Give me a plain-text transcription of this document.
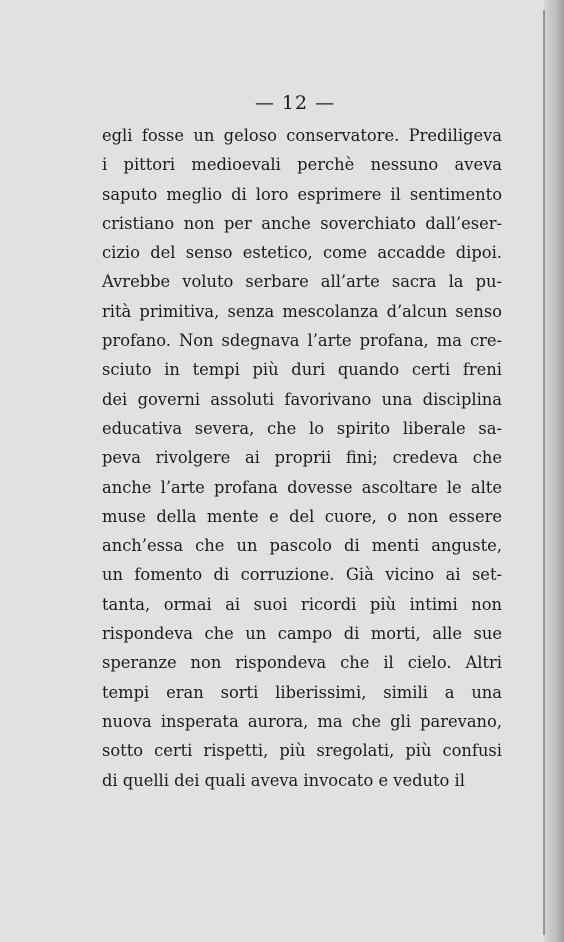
— 12 —
egli fosse un geloso conservatore. Prediligeva
i pittori medioevali perchè nessuno aveva
saputo meglio di loro esprimere il sentimento
cristiano non per anche soverchiato dall’eser-
cizio del senso estetico, come accadde dipoi.
Avrebbe voluto serbare all’arte sacra la pu-
rità primitiva, senza mescolanza d’alcun senso
profano. Non sdegnava l’arte profana, ma cre-
sciuto in tempi più duri quando certi freni
dei governi assoluti favorivano una disciplina
educativa severa, che lo spirito liberale sa-
peva rivolgere ai proprii fini; credeva che
anche l’arte profana dovesse ascoltare le alte
muse della mente e del cuore, o non essere
anch’essa che un pascolo di menti anguste,
un fomento di corruzione. Già vicino ai set-
tanta, ormai ai suoi ricordi più intimi non
rispondeva che un campo di morti, alle sue
speranze non rispondeva che il cielo. Altri
tempi eran sorti liberissimi, simili a una
nuova insperata aurora, ma che gli parevano,
sotto certi rispetti, più sregolati, più confusi
di quelli dei quali aveva invocato e veduto il
